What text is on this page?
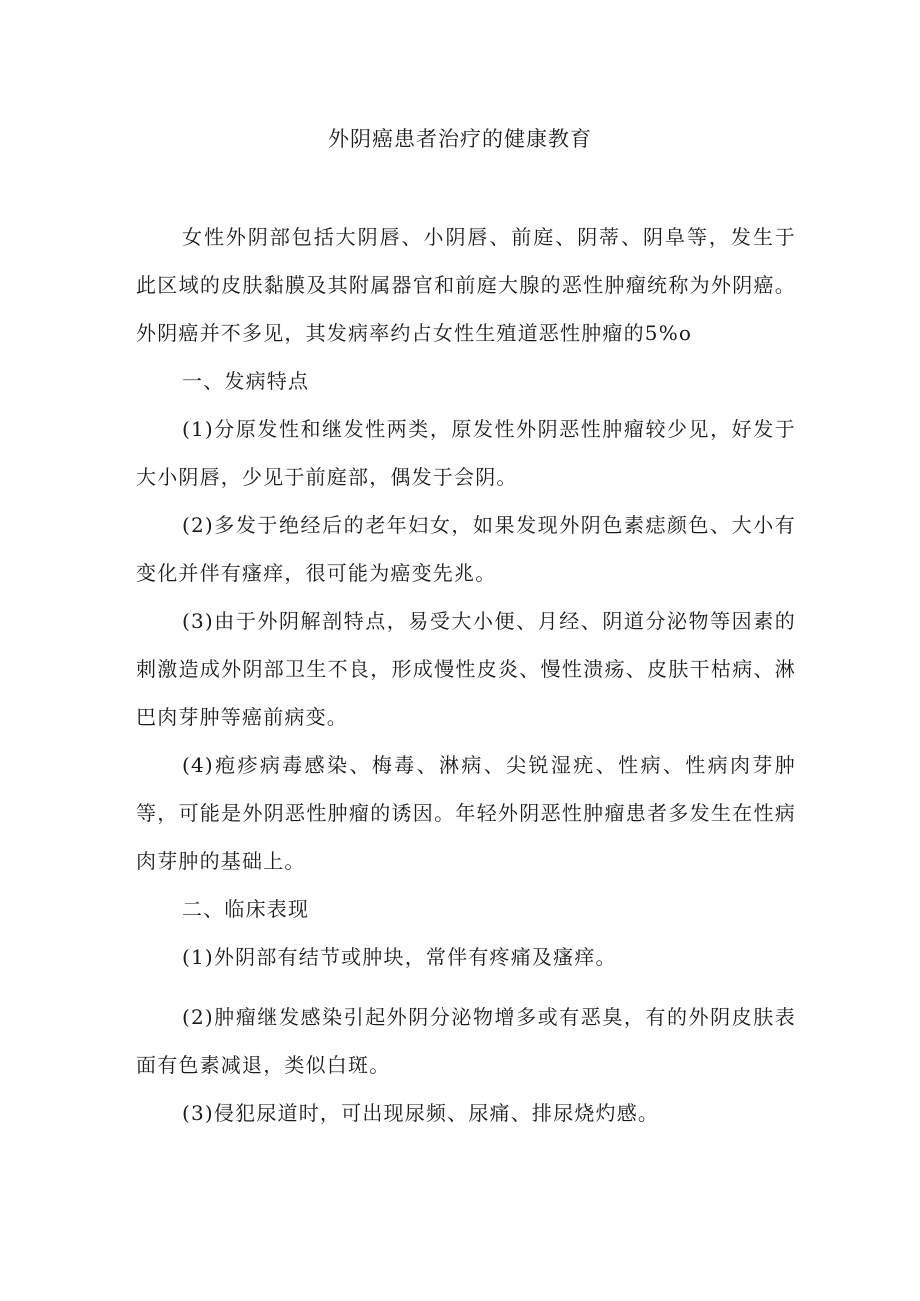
外阴癌患者治疗的健康教育

女性外阴部包括大阴唇、小阴唇、前庭、阴蒂、阴阜等，发生于此区域的皮肤黏膜及其附属器官和前庭大腺的恶性肿瘤统称为外阴癌。外阴癌并不多见，其发病率约占女性生殖道恶性肿瘤的5%o

一、发病特点

(1)分原发性和继发性两类，原发性外阴恶性肿瘤较少见，好发于大小阴唇，少见于前庭部，偶发于会阴。

(2)多发于绝经后的老年妇女，如果发现外阴色素痣颜色、大小有变化并伴有瘙痒，很可能为癌变先兆。

(3)由于外阴解剖特点，易受大小便、月经、阴道分泌物等因素的刺激造成外阴部卫生不良，形成慢性皮炎、慢性溃疡、皮肤干枯病、淋巴肉芽肿等癌前病变。

(4)疱疹病毒感染、梅毒、淋病、尖锐湿疣、性病、性病肉芽肿等，可能是外阴恶性肿瘤的诱因。年轻外阴恶性肿瘤患者多发生在性病肉芽肿的基础上。

二、临床表现

(1)外阴部有结节或肿块，常伴有疼痛及瘙痒。

(2)肿瘤继发感染引起外阴分泌物增多或有恶臭，有的外阴皮肤表面有色素减退，类似白斑。

(3)侵犯尿道时，可出现尿频、尿痛、排尿烧灼感。
